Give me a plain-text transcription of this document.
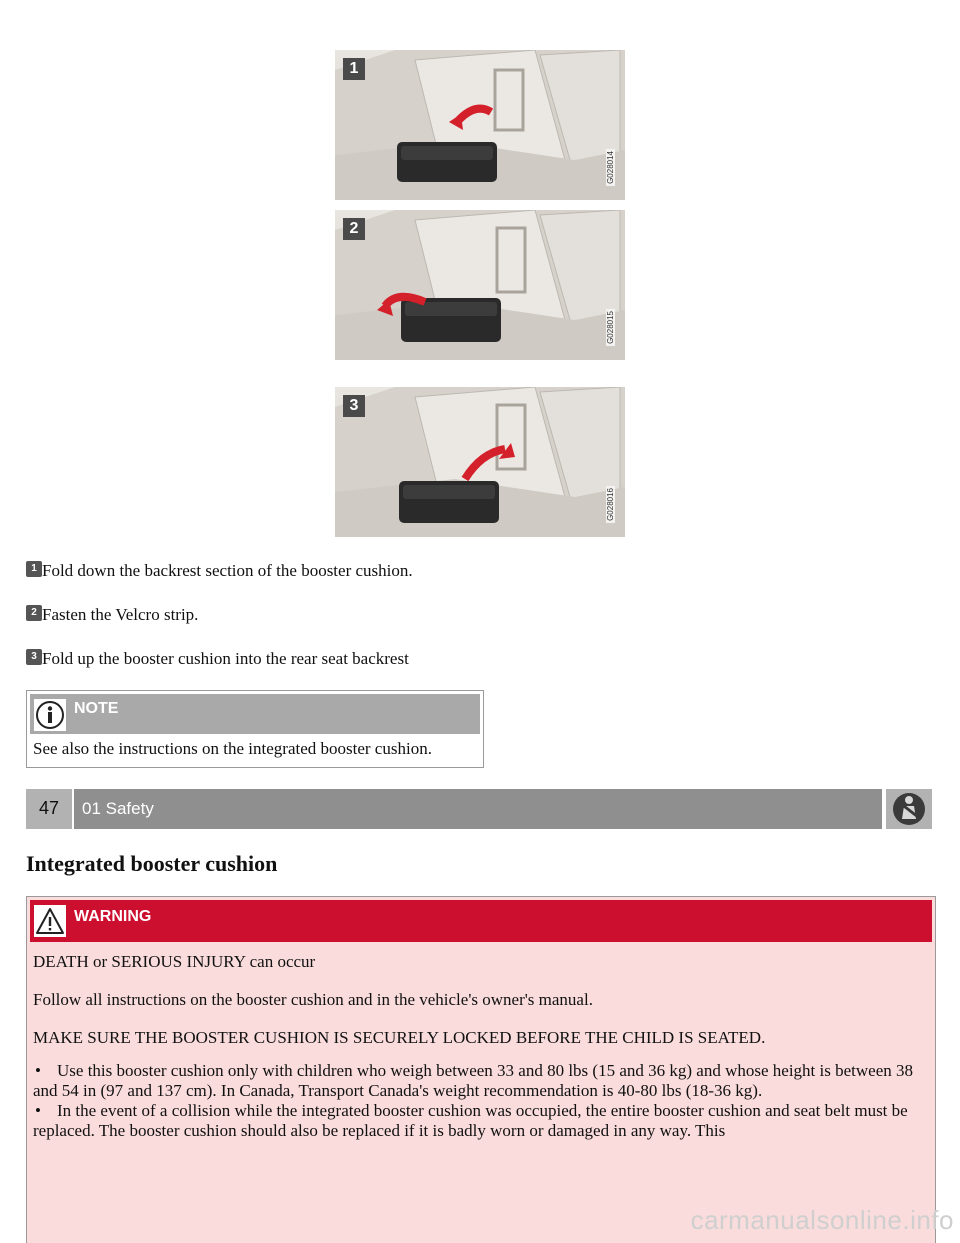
1
G028014
2
G028015
3
G028016
1 Fold down the backrest section of the booster cushion.
2 Fasten the Velcro strip.
3 Fold up the booster cushion into the rear seat backrest
NOTE
See also the instructions on the integrated booster cushion.
47	01 Safety
Integrated booster cushion
WARNING
DEATH or SERIOUS INJURY can occur
Follow all instructions on the booster cushion and in the vehicle's owner's manual.
MAKE SURE THE BOOSTER CUSHION IS SECURELY LOCKED BEFORE THE CHILD IS SEATED.
• Use this booster cushion only with children who weigh between 33 and 80 lbs (15 and 36 kg) and whose height is between 38 and 54 in (97 and 137 cm). In Canada, Transport Canada's weight recommendation is 40-80 lbs (18-36 kg).
• In the event of a collision while the integrated booster cushion was occupied, the entire booster cushion and seat belt must be replaced. The booster cushion should also be replaced if it is badly worn or damaged in any way. This
carmanualsonline.info
